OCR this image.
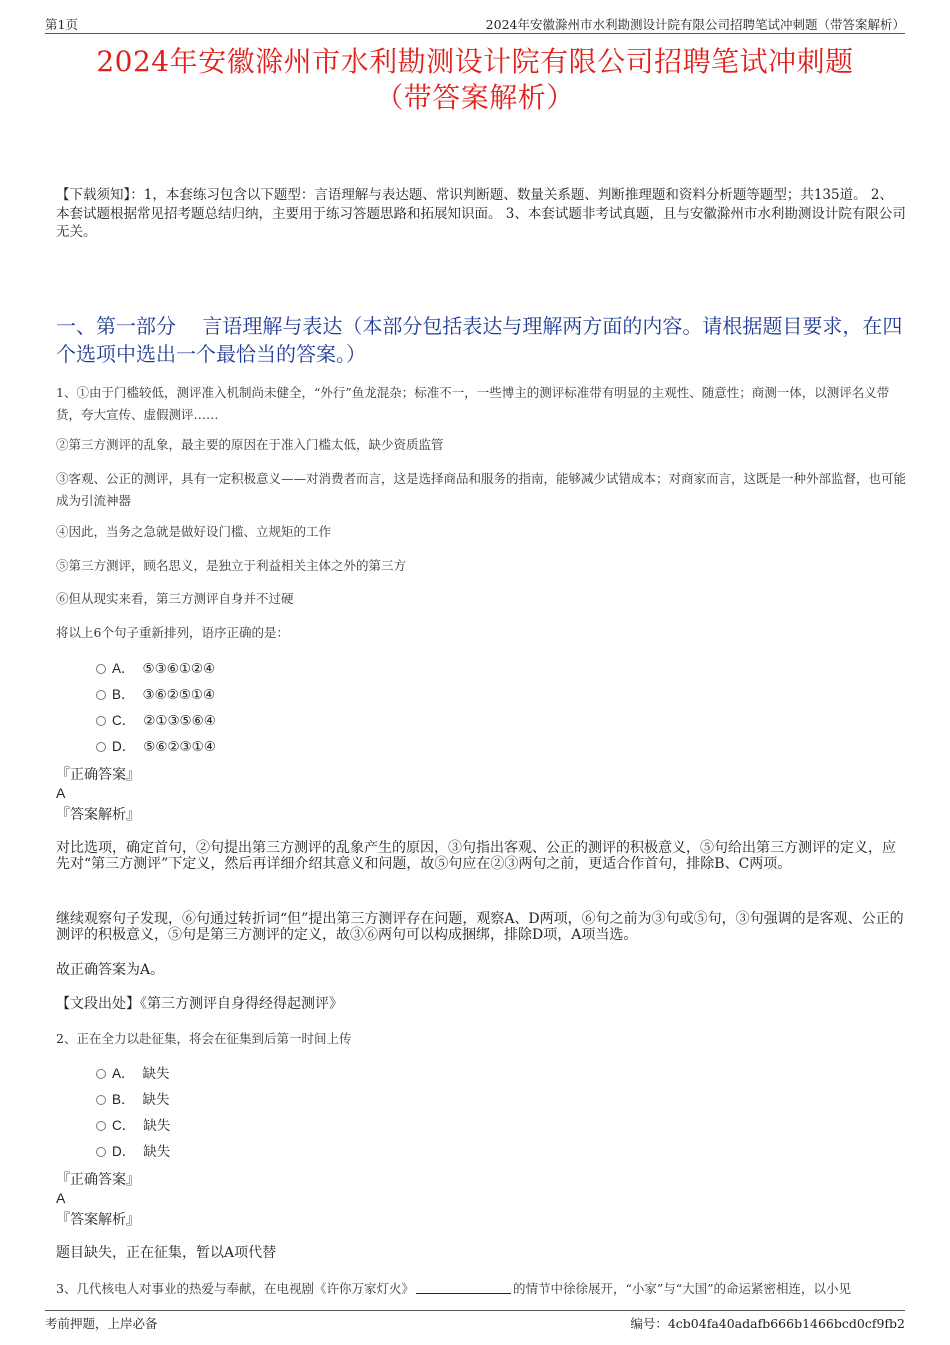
第1页	2024年安徽滁州市水利勘测设计院有限公司招聘笔试冲刺题（带答案解析）
2024年安徽滁州市水利勘测设计院有限公司招聘笔试冲刺题
（带答案解析）
【下载须知】：1，本套练习包含以下题型：言语理解与表达题、常识判断题、数量关系题、判断推理题和资料分析题等题型；共135道。 2、本套试题根据常见招考题总结归纳，主要用于练习答题思路和拓展知识面。 3、本套试题非考试真题，且与安徽滁州市水利勘测设计院有限公司无关。
一、第一部分　 言语理解与表达（本部分包括表达与理解两方面的内容。请根据题目要求，在四个选项中选出一个最恰当的答案。）
1、①由于门槛较低，测评准入机制尚未健全，“外行”鱼龙混杂；标准不一，一些博主的测评标准带有明显的主观性、随意性；商测一体，以测评名义带货，夸大宣传、虚假测评……
②第三方测评的乱象，最主要的原因在于准入门槛太低，缺少资质监管
③客观、公正的测评，具有一定积极意义——对消费者而言，这是选择商品和服务的指南，能够减少试错成本；对商家而言，这既是一种外部监督，也可能成为引流神器
④因此，当务之急就是做好设门槛、立规矩的工作
⑤第三方测评，顾名思义，是独立于利益相关主体之外的第三方
⑥但从现实来看，第三方测评自身并不过硬
将以上6个句子重新排列，语序正确的是：
A． ⑤③⑥①②④
B． ③⑥②⑤①④
C． ②①③⑤⑥④
D． ⑤⑥②③①④
『正确答案』
A
『答案解析』
对比选项，确定首句，②句提出第三方测评的乱象产生的原因，③句指出客观、公正的测评的积极意义，⑤句给出第三方测评的定义，应先对“第三方测评”下定义，然后再详细介绍其意义和问题，故⑤句应在②③两句之前，更适合作首句，排除B、C两项。
继续观察句子发现，⑥句通过转折词“但”提出第三方测评存在问题，观察A、D两项，⑥句之前为③句或⑤句，③句强调的是客观、公正的测评的积极意义，⑤句是第三方测评的定义，故③⑥两句可以构成捆绑，排除D项，A项当选。
故正确答案为A。
【文段出处】《第三方测评自身得经得起测评》
2、正在全力以赴征集，将会在征集到后第一时间上传
A． 缺失
B． 缺失
C． 缺失
D． 缺失
『正确答案』
A
『答案解析』
题目缺失，正在征集，暂以A项代替
3、几代核电人对事业的热爱与奉献，在电视剧《许你万家灯火》	的情节中徐徐展开，“小家”与“大国”的命运紧密相连，以小见
考前押题，上岸必备	编号：4cb04fa40adafb666b1466bcd0cf9fb2
